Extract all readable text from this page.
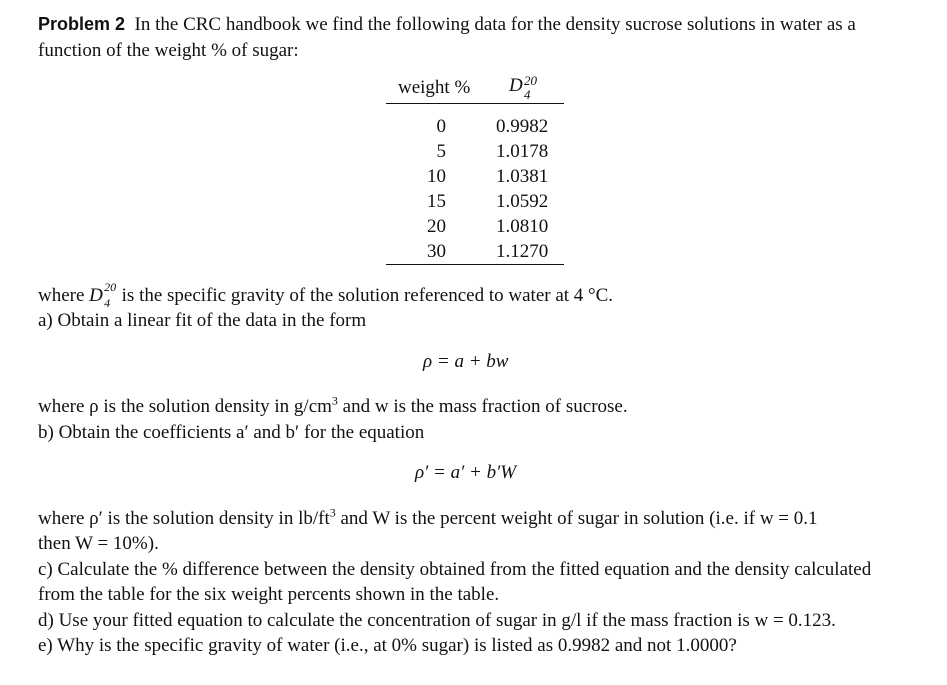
Problem 2 In the CRC handbook we find the following data for the density sucrose solutions in water as a
function of the weight % of sugar:
weight % D 20
4
0	0.9982
5	1.0178
10	1.0381
15	1.0592
20	1.0810
30	1.1270
where D 20
4 is the specific gravity of the solution referenced to water at 4 °C.
a) Obtain a linear fit of the data in the form
ρ = a + bw
where ρ is the solution density in $g/cm^3$ and w is the mass fraction of sucrose.
b) Obtain the coefficients a′ and b′ for the equation
ρ′ = a′ + b′W
where ρ′ is the solution density in $lb/ft^3$ and W is the percent weight of sugar in solution (i.e. if w = 0.1
then W = 10%).
c) Calculate the % difference between the density obtained from the fitted equation and the density calculated
from the table for the six weight percents shown in the table.
d) Use your fitted equation to calculate the concentration of sugar in g/l if the mass fraction is w = 0.123.
e) Why is the specific gravity of water (i.e., at 0% sugar) is listed as 0.9982 and not 1.0000?
